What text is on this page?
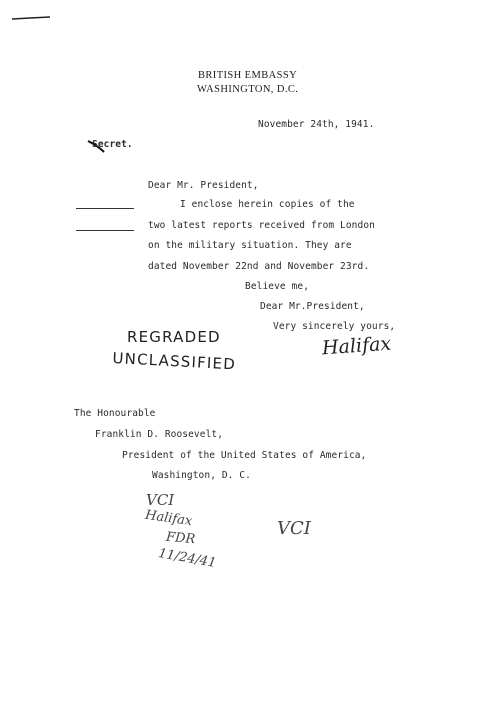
BRITISH EMBASSY
WASHINGTON, D.C.
November 24th, 1941.
Secret.
Dear Mr. President,
I enclose herein copies of the
two latest reports received from London
on the military situation. They are
dated November 22nd and November 23rd.
Believe me,
Dear Mr.President,
Very sincerely yours,
Halifax
REGRADED
UNCLASSIFIED
The Honourable
Franklin D. Roosevelt,
President of the United States of America,
Washington, D. C.
VCI
Halifax
FDR
11/24/41
VCI
